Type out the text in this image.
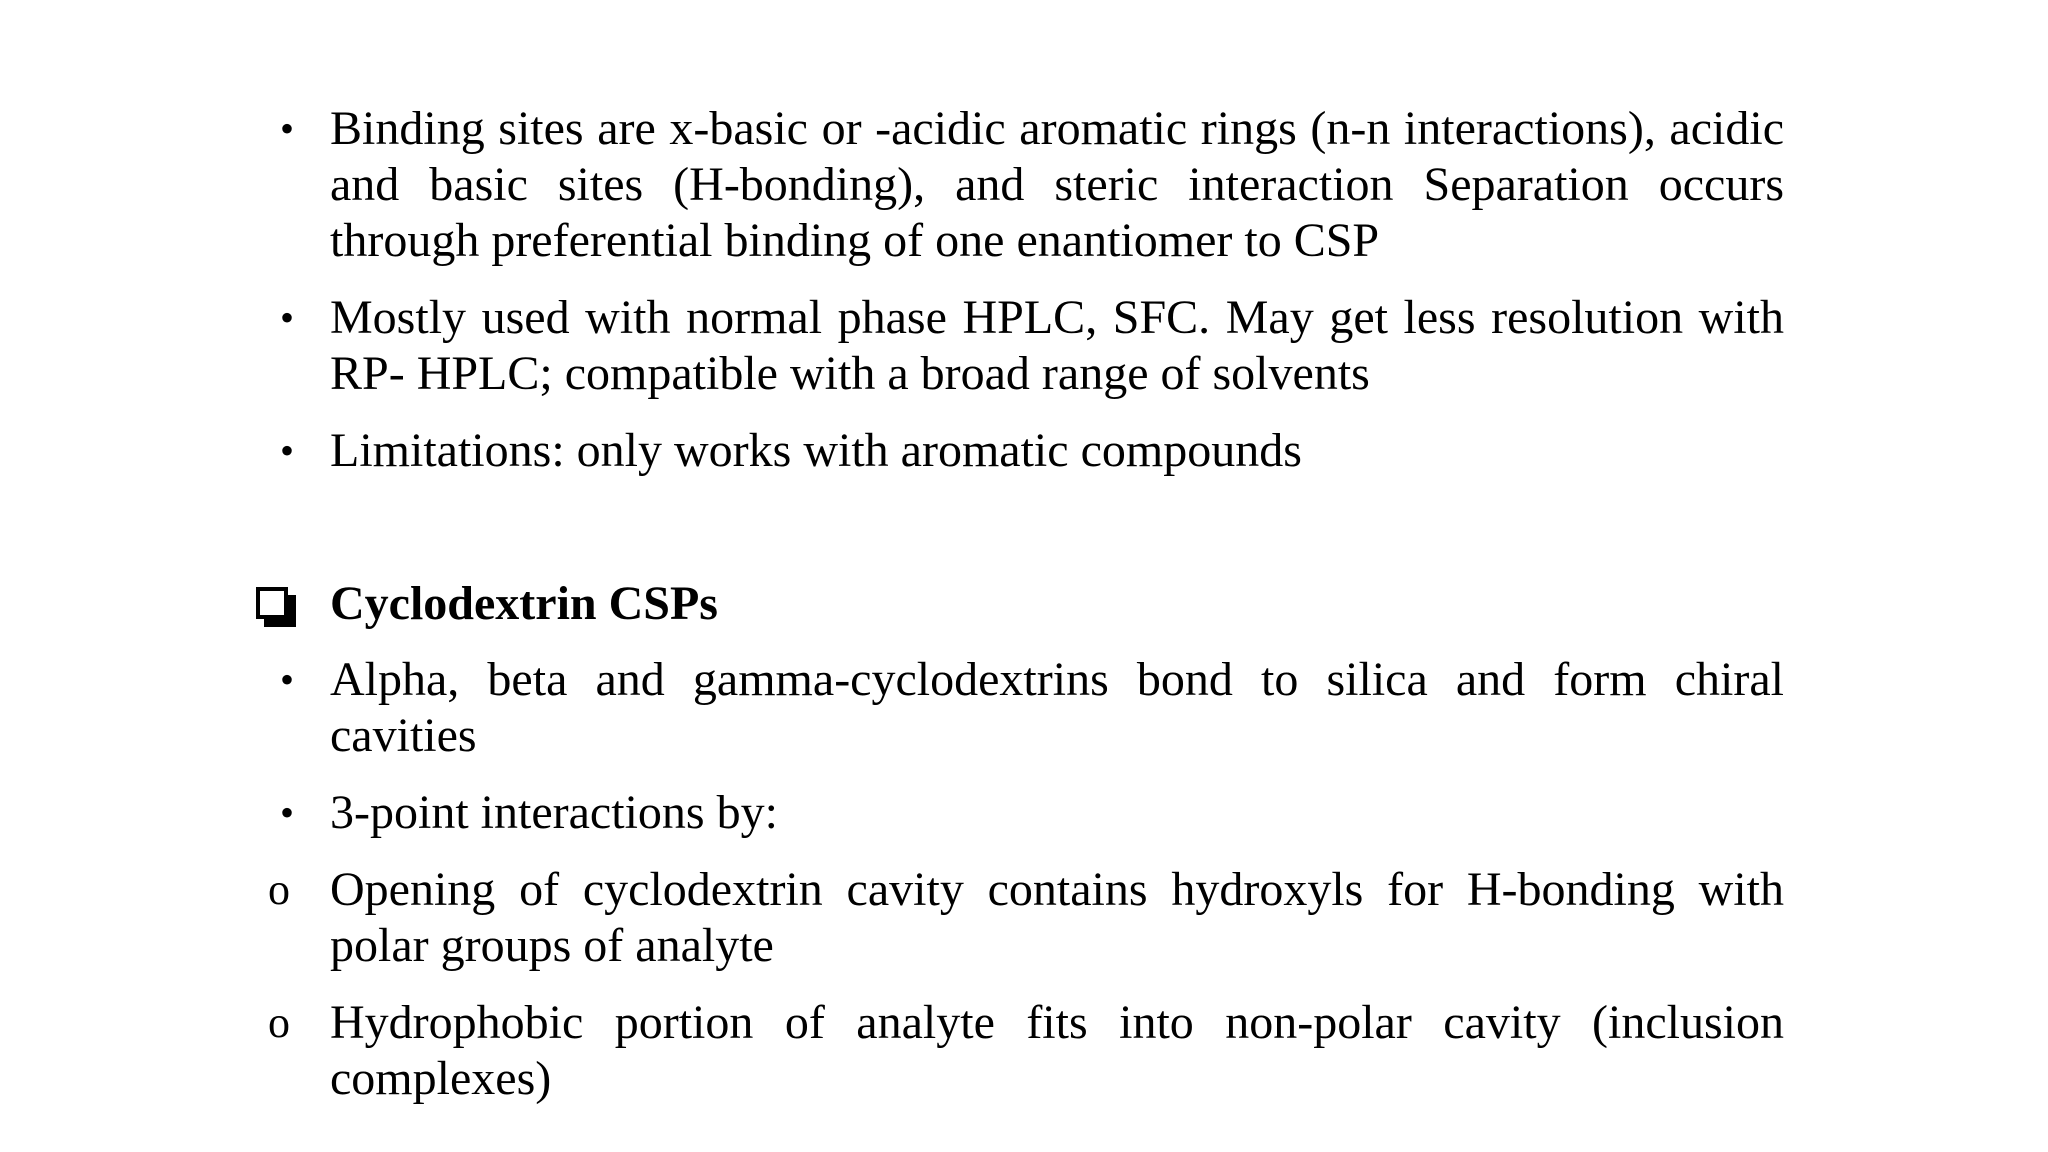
• Binding sites are x-basic or -acidic aromatic rings (n-n interactions), acidic and basic sites (H-bonding), and steric interaction Separation occurs through preferential binding of one enantiomer to CSP
• Mostly used with normal phase HPLC, SFC. May get less resolution with RP- HPLC; compatible with a broad range of solvents
• Limitations: only works with aromatic compounds
Cyclodextrin CSPs
• Alpha, beta and gamma-cyclodextrins bond to silica and form chiral cavities
• 3-point interactions by:
o Opening of cyclodextrin cavity contains hydroxyls for H-bonding with polar groups of analyte
o Hydrophobic portion of analyte fits into non-polar cavity (inclusion complexes)
